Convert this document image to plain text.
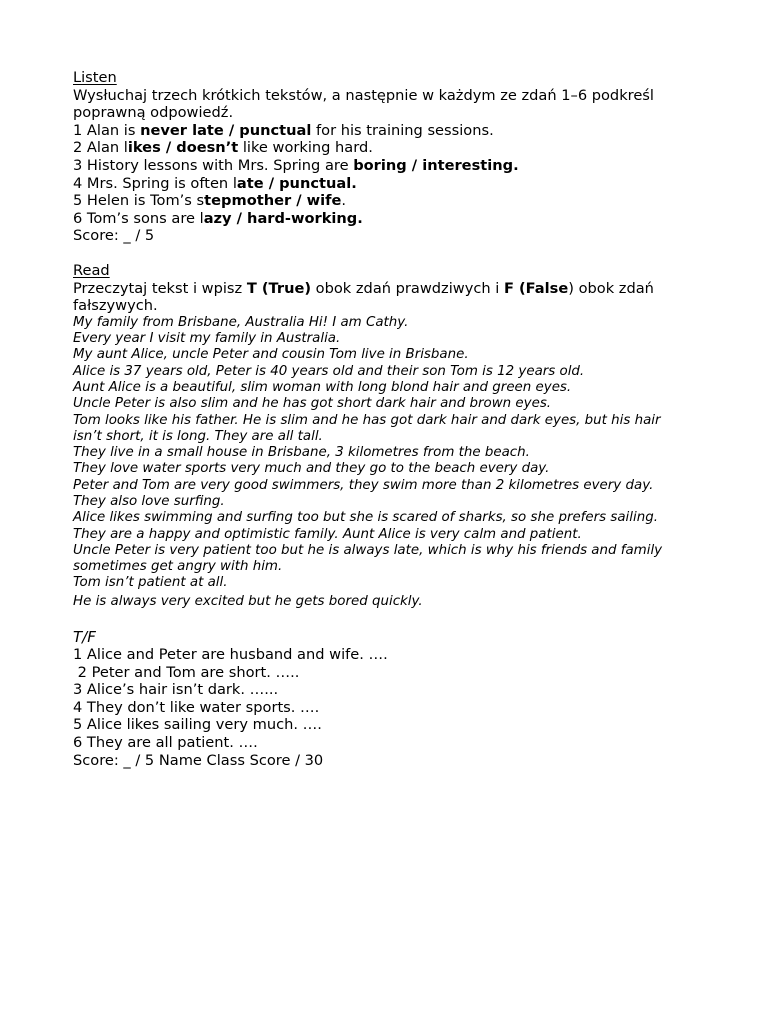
Listen
Wysłuchaj trzech krótkich tekstów, a następnie w każdym ze zdań 1–6 podkreśl poprawną odpowiedź.
1 Alan is never late / punctual for his training sessions.
2 Alan likes / doesn’t like working hard.
3 History lessons with Mrs. Spring are boring / interesting.
4 Mrs. Spring is often late / punctual.
5 Helen is Tom’s stepmother / wife.
6 Tom’s sons are lazy / hard-working.
Score: _ / 5
Read
Przeczytaj tekst i wpisz T (True) obok zdań prawdziwych i F (False) obok zdań fałszywych.
My family from Brisbane, Australia Hi! I am Cathy.
Every year I visit my family in Australia.
My aunt Alice, uncle Peter and cousin Tom live in Brisbane.
Alice is 37 years old, Peter is 40 years old and their son Tom is 12 years old.
Aunt Alice is a beautiful, slim woman with long blond hair and green eyes.
Uncle Peter is also slim and he has got short dark hair and brown eyes.
Tom looks like his father. He is slim and he has got dark hair and dark eyes, but his hair isn’t short, it is long. They are all tall.
They live in a small house in Brisbane, 3 kilometres from the beach.
They love water sports very much and they go to the beach every day.
Peter and Tom are very good swimmers, they swim more than 2 kilometres every day.
They also love surfing.
Alice likes swimming and surfing too but she is scared of sharks, so she prefers sailing.
They are a happy and optimistic family. Aunt Alice is very calm and patient.
Uncle Peter is very patient too but he is always late, which is why his friends and family sometimes get angry with him.
Tom isn’t patient at all.
He is always very excited but he gets bored quickly.
T/F
1 Alice and Peter are husband and wife. ….
2 Peter and Tom are short. …..
3 Alice’s hair isn’t dark. …...
4 They don’t like water sports. ….
5 Alice likes sailing very much. ….
6 They are all patient. ….
Score: _ / 5 Name Class Score / 30
